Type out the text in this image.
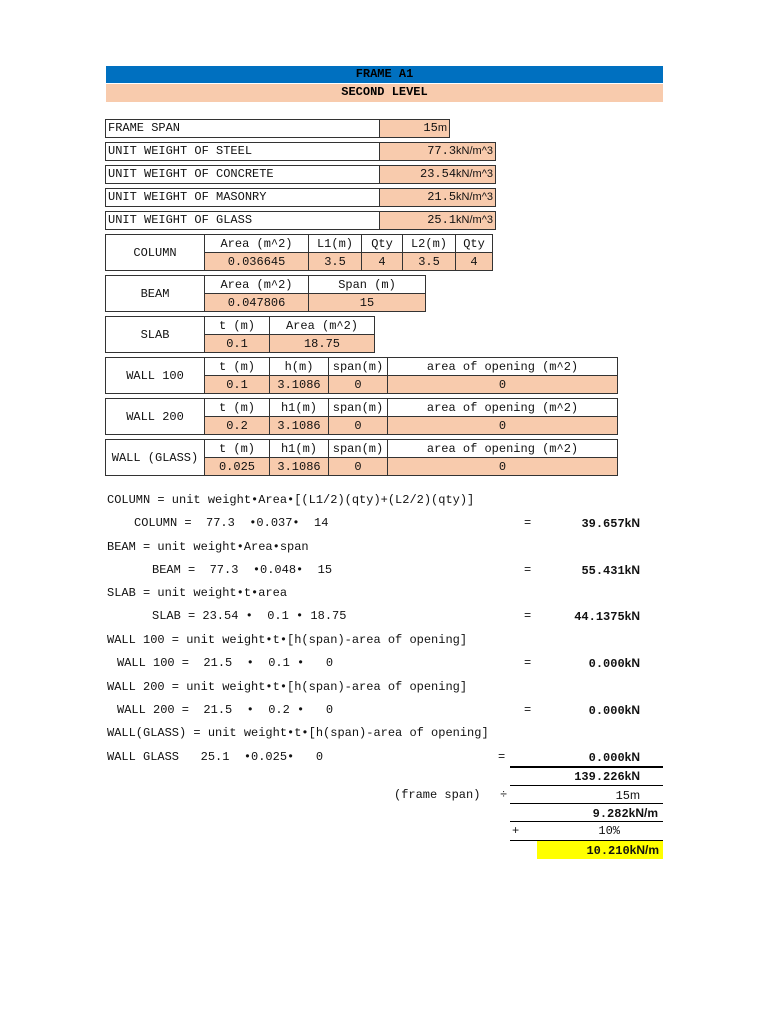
FRAME A1
SECOND LEVEL
FRAME SPAN	15m
UNIT WEIGHT OF STEEL	77.3kN/m^3
UNIT WEIGHT OF CONCRETE	23.54kN/m^3
UNIT WEIGHT OF MASONRY	21.5kN/m^3
UNIT WEIGHT OF GLASS	25.1kN/m^3
COLUMN	Area (m^2)	L1(m)	Qty	L2(m)	Qty
	0.036645	3.5	4	3.5	4
BEAM	Area (m^2)	Span (m)
	0.047806	15
SLAB	t (m)	Area (m^2)
	0.1	18.75
WALL 100	t (m)	h(m)	span(m)	area of opening (m^2)
	0.1	3.1086	0	0
WALL 200	t (m)	h1(m)	span(m)	area of opening (m^2)
	0.2	3.1086	0	0
WALL (GLASS)	t (m)	h1(m)	span(m)	area of opening (m^2)
	0.025	3.1086	0	0
COLUMN = unit weight•Area•[(L1/2)(qty)+(L2/2)(qty)]
COLUMN =  77.3  •0.037•  14	=	39.657kN
BEAM = unit weight•Area•span
BEAM =  77.3  •0.048•  15	=	55.431kN
SLAB = unit weight•t•area
SLAB = 23.54 •  0.1 • 18.75	=	44.1375kN
WALL 100 = unit weight•t•[h(span)-area of opening]
WALL 100 =  21.5  •  0.1 •   0	=	0.000kN
WALL 200 = unit weight•t•[h(span)-area of opening]
WALL 200 =  21.5  •  0.2 •   0	=	0.000kN
WALL(GLASS) = unit weight•t•[h(span)-area of opening]
WALL GLASS   25.1  •0.025•   0	=	0.000kN
139.226kN
(frame span) ÷	15m
9.282kN/m
+	10%
10.210kN/m
